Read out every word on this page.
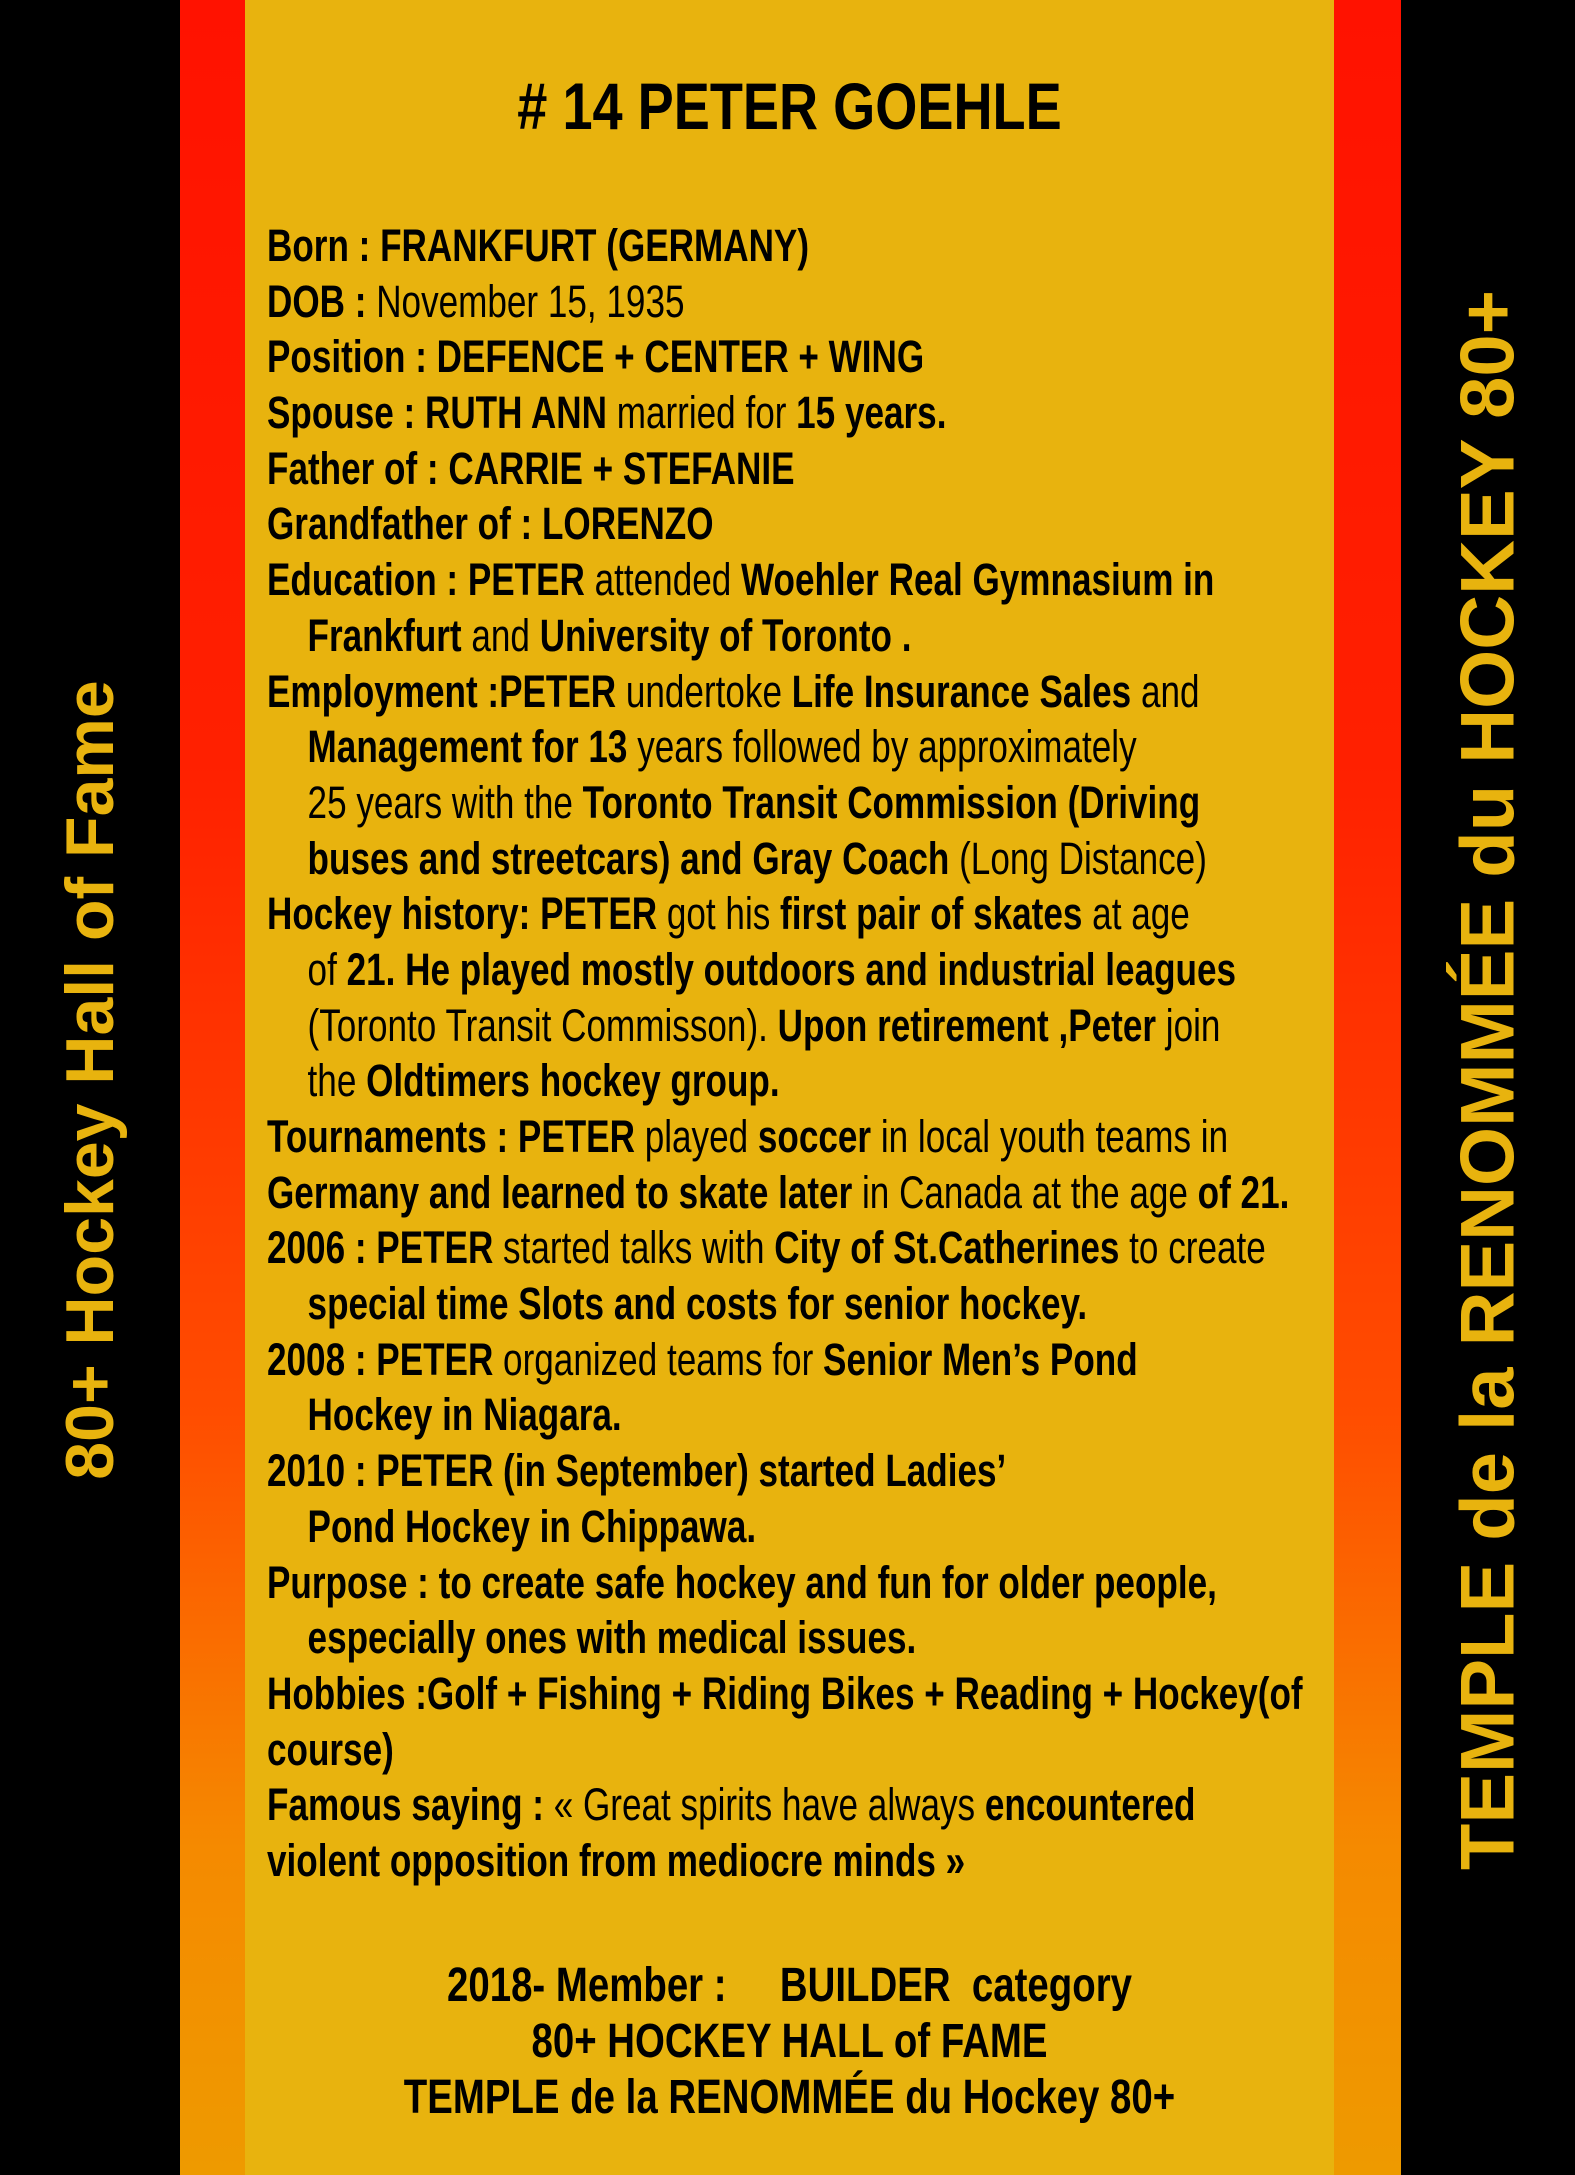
80+ Hockey Hall of Fame	TEMPLE de la RENOMMÉE du HOCKEY 80+
# 14 PETER GOEHLE
Born : FRANKFURT (GERMANY)
DOB : November 15, 1935
Position : DEFENCE + CENTER + WING
Spouse : RUTH ANN married for 15 years.
Father of : CARRIE + STEFANIE
Grandfather of : LORENZO
Education : PETER attended Woehler Real Gymnasium in
Frankfurt and University of Toronto .
Employment :PETER undertoke Life Insurance Sales and
Management for 13 years followed by approximately
25 years with the Toronto Transit Commission (Driving
buses and streetcars) and Gray Coach (Long Distance)
Hockey history: PETER got his first pair of skates at age
of 21. He played mostly outdoors and industrial leagues
(Toronto Transit Commisson). Upon retirement ,Peter join
the Oldtimers hockey group.
Tournaments : PETER played soccer in local youth teams in
Germany and learned to skate later in Canada at the age of 21.
2006 : PETER started talks with City of St.Catherines to create
special time Slots and costs for senior hockey.
2008 : PETER organized teams for Senior Men’s Pond
Hockey in Niagara.
2010 : PETER (in September) started Ladies’
Pond Hockey in Chippawa.
Purpose : to create safe hockey and fun for older people,
especially ones with medical issues.
Hobbies :Golf + Fishing + Riding Bikes + Reading + Hockey(of
course)
Famous saying : « Great spirits have always encountered
violent opposition from mediocre minds »
2018- Member :     BUILDER  category
80+ HOCKEY HALL of FAME
TEMPLE de la RENOMMÉE du Hockey 80+
